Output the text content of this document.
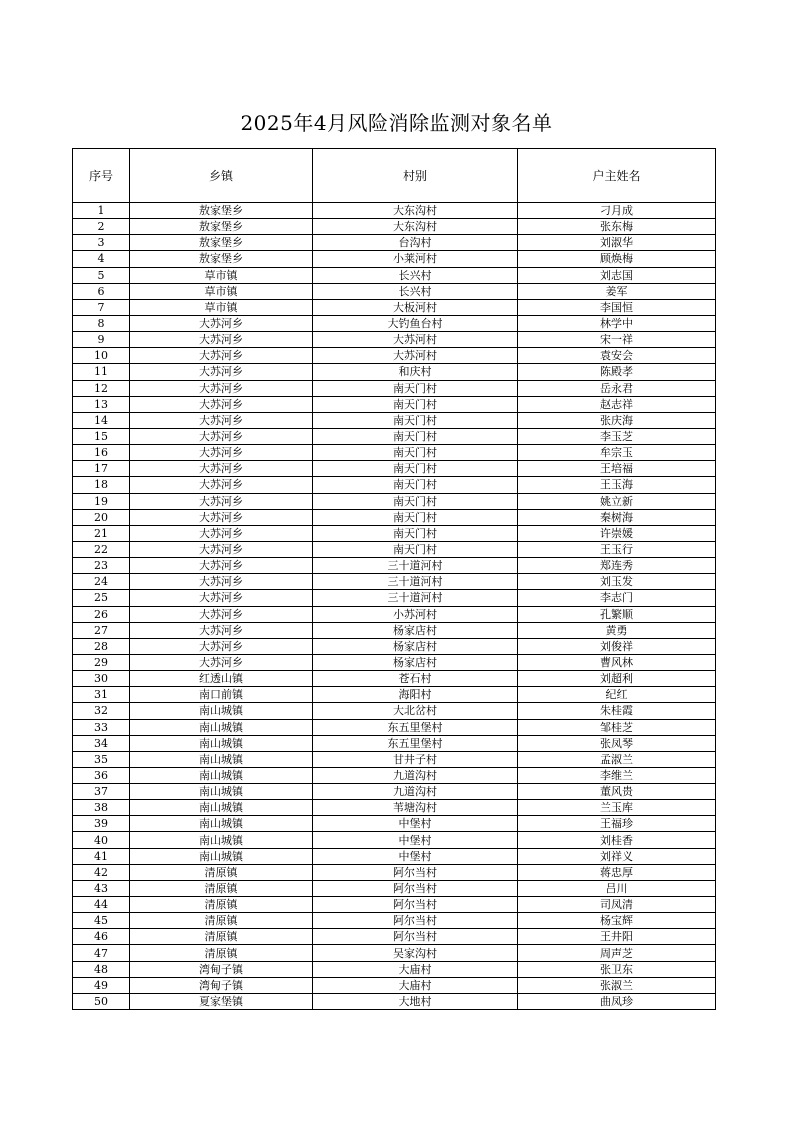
2025年4月风险消除监测对象名单
序号	乡镇	村别	户主姓名
1	敖家堡乡	大东沟村	刁月成
2	敖家堡乡	大东沟村	张东梅
3	敖家堡乡	台沟村	刘淑华
4	敖家堡乡	小莱河村	顾焕梅
5	草市镇	长兴村	刘志国
6	草市镇	长兴村	姜军
7	草市镇	大板河村	李国恒
8	大苏河乡	大钓鱼台村	林学中
9	大苏河乡	大苏河村	宋一祥
10	大苏河乡	大苏河村	袁安会
11	大苏河乡	和庆村	陈殿孝
12	大苏河乡	南天门村	岳永君
13	大苏河乡	南天门村	赵志祥
14	大苏河乡	南天门村	张庆海
15	大苏河乡	南天门村	李玉芝
16	大苏河乡	南天门村	牟宗玉
17	大苏河乡	南天门村	王培福
18	大苏河乡	南天门村	王玉海
19	大苏河乡	南天门村	姚立新
20	大苏河乡	南天门村	秦树海
21	大苏河乡	南天门村	许崇媛
22	大苏河乡	南天门村	王玉行
23	大苏河乡	三十道河村	郑连秀
24	大苏河乡	三十道河村	刘玉发
25	大苏河乡	三十道河村	李志门
26	大苏河乡	小苏河村	孔繁顺
27	大苏河乡	杨家店村	黄勇
28	大苏河乡	杨家店村	刘俊祥
29	大苏河乡	杨家店村	曹风林
30	红透山镇	苍石村	刘超利
31	南口前镇	海阳村	纪红
32	南山城镇	大北岔村	朱桂霞
33	南山城镇	东五里堡村	邹桂芝
34	南山城镇	东五里堡村	张凤琴
35	南山城镇	甘井子村	孟淑兰
36	南山城镇	九道沟村	李维兰
37	南山城镇	九道沟村	董风贵
38	南山城镇	苇塘沟村	兰玉库
39	南山城镇	中堡村	王福珍
40	南山城镇	中堡村	刘桂香
41	南山城镇	中堡村	刘祥义
42	清原镇	阿尔当村	蒋忠厚
43	清原镇	阿尔当村	吕川
44	清原镇	阿尔当村	司凤清
45	清原镇	阿尔当村	杨宝辉
46	清原镇	阿尔当村	王井阳
47	清原镇	吴家沟村	周声芝
48	湾甸子镇	大庙村	张卫东
49	湾甸子镇	大庙村	张淑兰
50	夏家堡镇	大地村	曲凤珍
